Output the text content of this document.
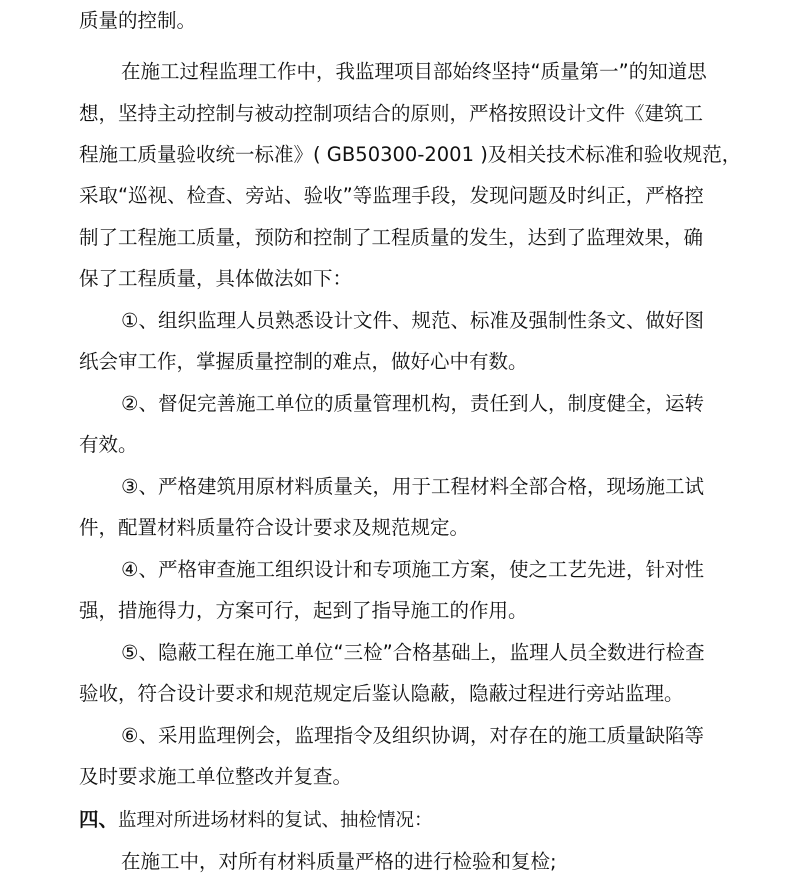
质量的控制。
在施工过程监理工作中，我监理项目部始终坚持“质量第一”的知道思
想，坚持主动控制与被动控制项结合的原则，严格按照设计文件《建筑工
程施工质量验收统一标准》( GB50300-2001 )及相关技术标准和验收规范，
采取“巡视、检查、旁站、验收”等监理手段，发现问题及时纠正，严格控
制了工程施工质量，预防和控制了工程质量的发生，达到了监理效果，确
保了工程质量，具体做法如下：
①、组织监理人员熟悉设计文件、规范、标准及强制性条文、做好图
纸会审工作，掌握质量控制的难点，做好心中有数。
②、督促完善施工单位的质量管理机构，责任到人，制度健全，运转
有效。
③、严格建筑用原材料质量关，用于工程材料全部合格，现场施工试
件，配置材料质量符合设计要求及规范规定。
④、严格审查施工组织设计和专项施工方案，使之工艺先进，针对性
强，措施得力，方案可行，起到了指导施工的作用。
⑤、隐蔽工程在施工单位“三检”合格基础上，监理人员全数进行检查
验收，符合设计要求和规范规定后鉴认隐蔽，隐蔽过程进行旁站监理。
⑥、采用监理例会，监理指令及组织协调，对存在的施工质量缺陷等
及时要求施工单位整改并复查。
四、监理对所进场材料的复试、抽检情况：
在施工中，对所有材料质量严格的进行检验和复检;
